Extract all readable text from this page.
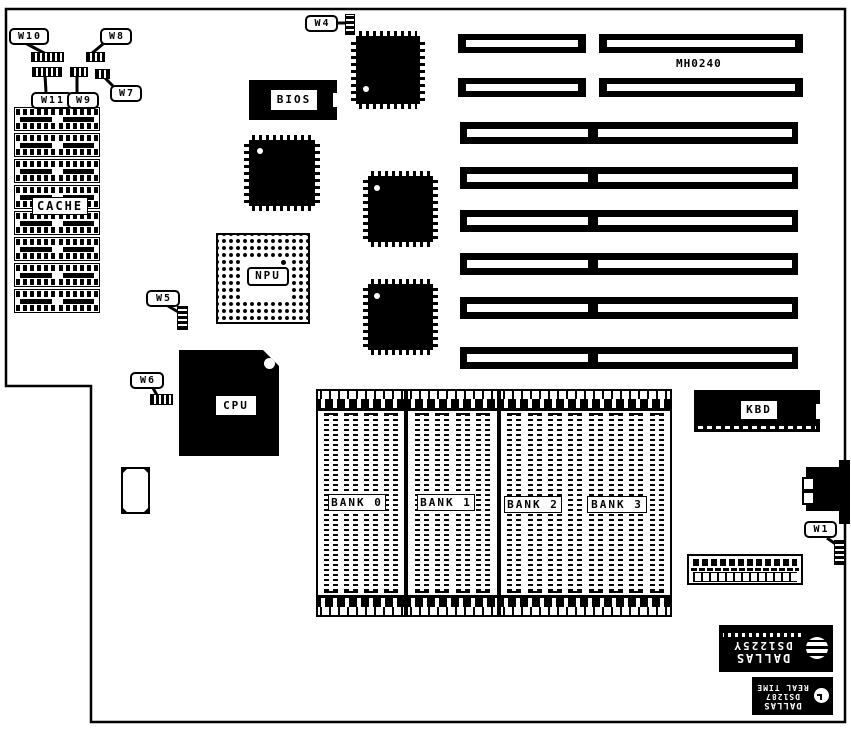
CACHE
W10	W8
W11	W9
W7	BIOS
W4
NPU
W5
CPU
W6
MH0240
BANK 0	BANK 1	BANK 2	BANK 3
KBD
W1
DALLAS
DS1225Y
DALLAS
DS1287
REAL TIME
